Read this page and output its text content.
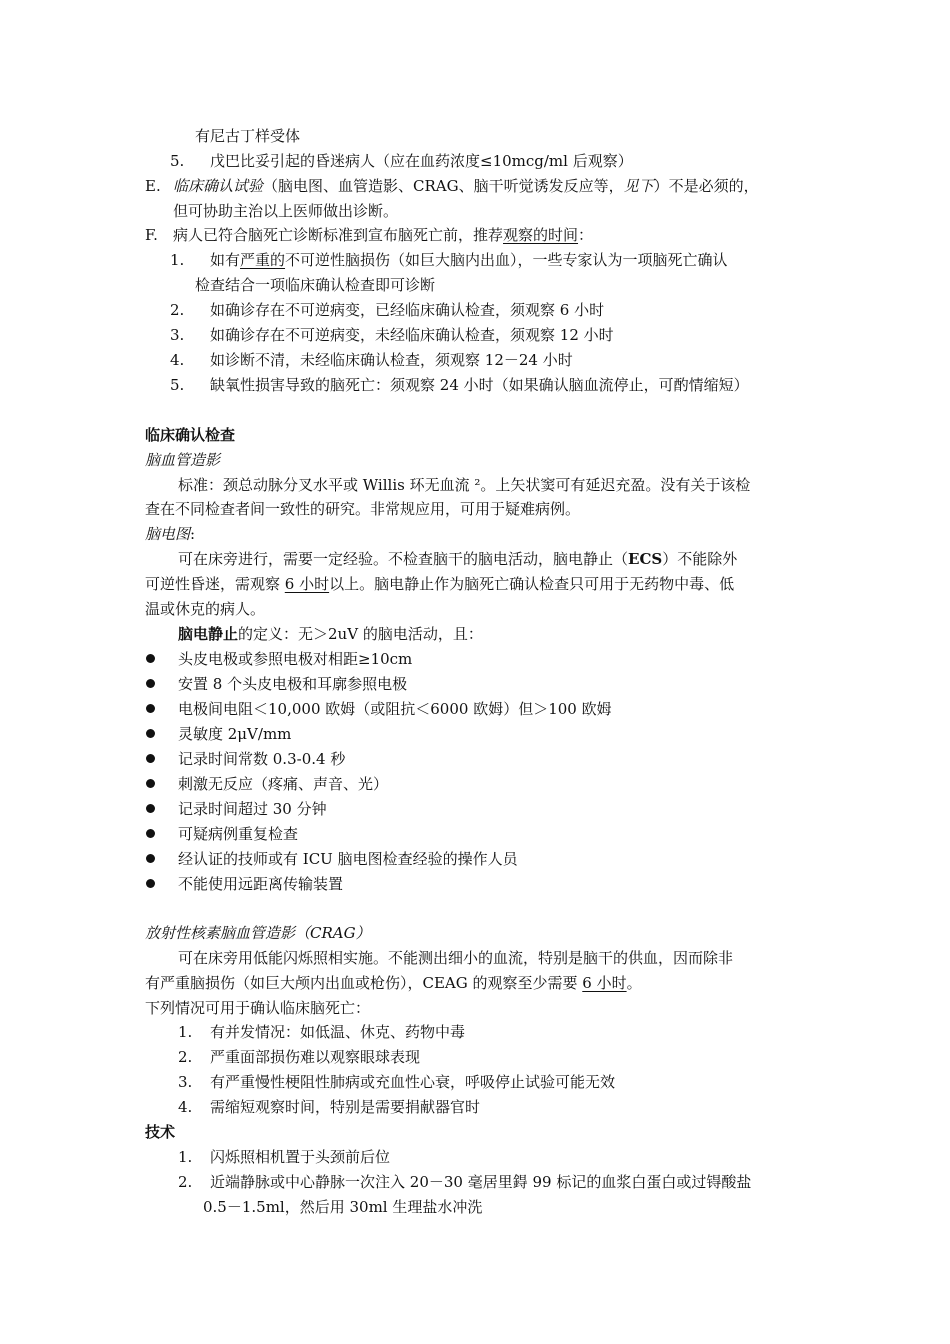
有尼古丁样受体
5. 戊巴比妥引起的昏迷病人（应在血药浓度≤10mcg/ml 后观察）
E. 临床确认试验（脑电图、血管造影、CRAG、脑干听觉诱发反应等，见下）不是必须的，
但可协助主治以上医师做出诊断。
F. 病人已符合脑死亡诊断标准到宣布脑死亡前，推荐观察的时间：
1. 如有严重的不可逆性脑损伤（如巨大脑内出血），一些专家认为一项脑死亡确认
检查结合一项临床确认检查即可诊断
2. 如确诊存在不可逆病变，已经临床确认检查，须观察 6 小时
3. 如确诊存在不可逆病变，未经临床确认检查，须观察 12 小时
4. 如诊断不清，未经临床确认检查，须观察 12－24 小时
5. 缺氧性损害导致的脑死亡：须观察 24 小时（如果确认脑血流停止，可酌情缩短）
临床确认检查
脑血管造影
标准：颈总动脉分叉水平或 Willis 环无血流 ²。上矢状窦可有延迟充盈。没有关于该检
查在不同检查者间一致性的研究。非常规应用，可用于疑难病例。
脑电图:
可在床旁进行，需要一定经验。不检查脑干的脑电活动，脑电静止（ECS）不能除外
可逆性昏迷，需观察 6 小时以上。脑电静止作为脑死亡确认检查只可用于无药物中毒、低
温或休克的病人。
脑电静止的定义：无＞2uV 的脑电活动，且：
头皮电极或参照电极对相距≥10cm
安置 8 个头皮电极和耳廓参照电极
电极间电阻＜10,000 欧姆（或阻抗＜6000 欧姆）但＞100 欧姆
灵敏度 2μV/mm
记录时间常数 0.3-0.4 秒
刺激无反应（疼痛、声音、光）
记录时间超过 30 分钟
可疑病例重复检查
经认证的技师或有 ICU 脑电图检查经验的操作人员
不能使用远距离传输装置
放射性核素脑血管造影（CRAG）
可在床旁用低能闪烁照相实施。不能测出细小的血流，特别是脑干的供血，因而除非
有严重脑损伤（如巨大颅内出血或枪伤），CEAG 的观察至少需要 6 小时。
下列情况可用于确认临床脑死亡：
1. 有并发情况：如低温、休克、药物中毒
2. 严重面部损伤难以观察眼球表现
3. 有严重慢性梗阻性肺病或充血性心衰，呼吸停止试验可能无效
4. 需缩短观察时间，特别是需要捐献器官时
技术
1. 闪烁照相机置于头颈前后位
2. 近端静脉或中心静脉一次注入 20－30 毫居里鍀 99 标记的血浆白蛋白或过锝酸盐
0.5－1.5ml，然后用 30ml 生理盐水冲洗
